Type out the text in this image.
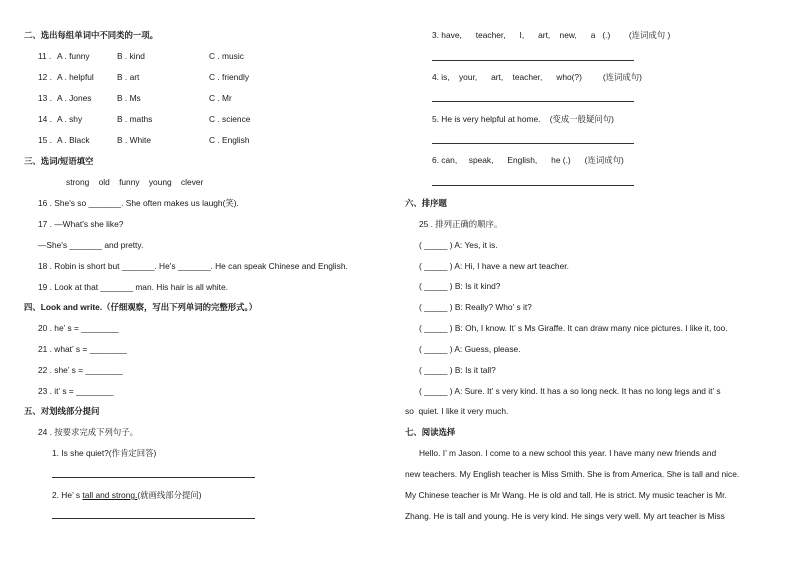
二、选出每组单词中不同类的一项。
11 . A . funny	B . kind	C . music
12 . A . helpful	B . art	C . friendly
13 . A . Jones	B . Ms	C . Mr
14 . A . shy	B . maths	C . science
15 . A . Black	B . White	C . English
三、选词/短语填空
strong    old    funny    young    clever
16 . She's so _______. She often makes us laugh(笑).
17 . —What's she like?
—She's _______ and pretty.
18 . Robin is short but _______. He's _______. He can speak Chinese and English.
19 . Look at that _______ man. His hair is all white.
四、Look and write.（仔细观察，写出下列单词的完整形式。）
20 . he’ s = ________
21 . what’ s = ________
22 . she’ s = ________
23 . it’ s = ________
五、对划线部分提问
24 . 按要求完成下列句子。
1. Is she quiet?(作肯定回答)
2. He’ s tall and strong.(就画线部分提问)
3. have,      teacher,      I,      art,    new,      a   (.)        (连词成句 )
4. is,    your,      art,    teacher,      who(?)         (连词成句)
5. He is very helpful at home.    (变成一般疑问句)
6. can,     speak,      English,      he (.)      (连词成句)
六、排序题
25 . 排列正确的顺序。
( _____ ) A: Yes, it is.
( _____ ) A: Hi, I have a new art teacher.
( _____ ) B: Is it kind?
( _____ ) B: Really? Who’ s it?
( _____ ) B: Oh, I know. It’ s Ms Giraffe. It can draw many nice pictures. I like it, too.
( _____ ) A: Guess, please.
( _____ ) B: Is it tall?
( _____ ) A: Sure. It’ s very kind. It has a so long neck. It has no long legs and it’ s
so  quiet. I like it very much.
七、阅读选择
Hello. I’ m Jason. I come to a new school this year. I have many new friends and
new teachers. My English teacher is Miss Smith. She is from America. She is tall and nice.
My Chinese teacher is Mr Wang. He is old and tall. He is strict. My music teacher is Mr.
Zhang. He is tall and young. He is very kind. He sings very well. My art teacher is Miss
